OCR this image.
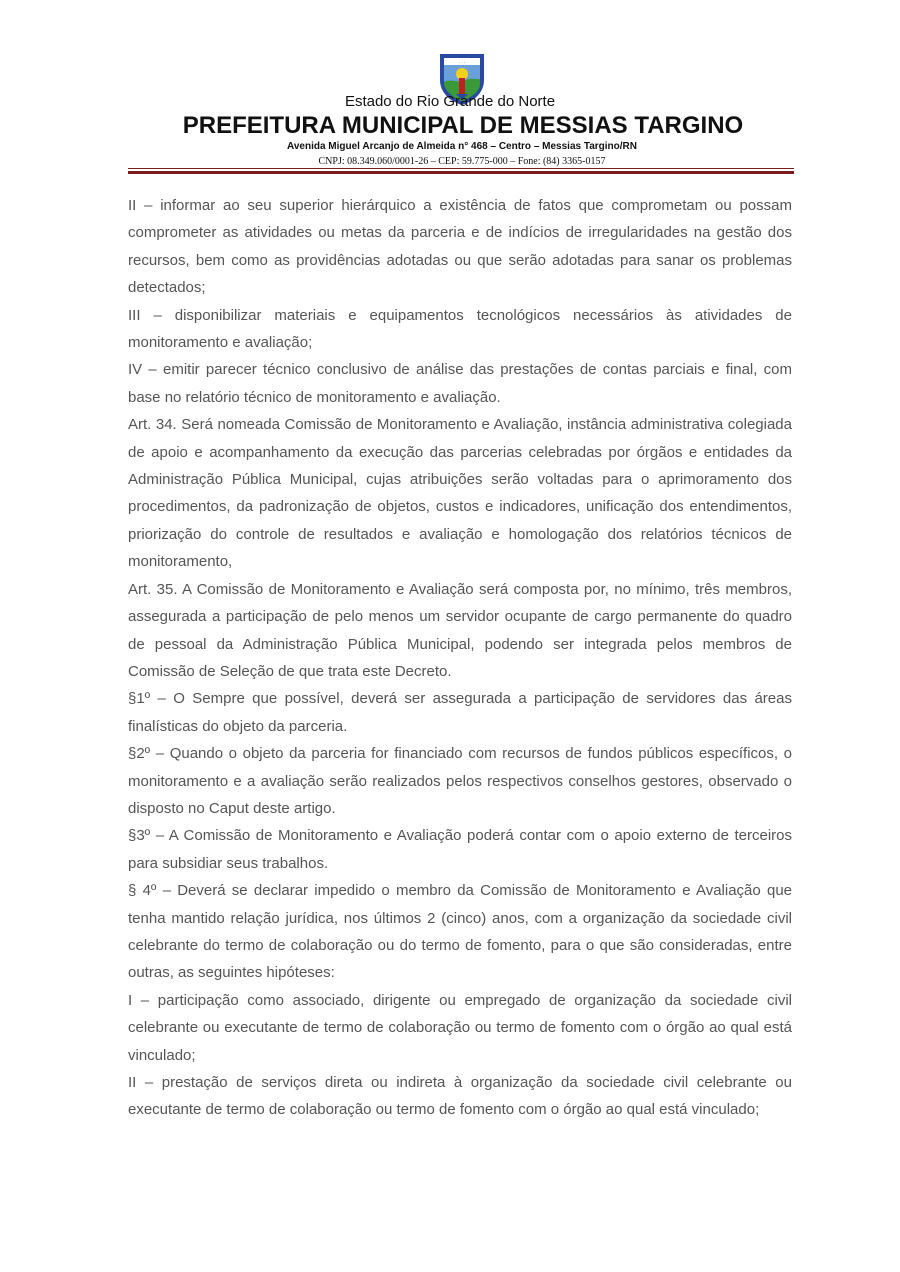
· · ·
Estado do Rio Grande do Norte
PREFEITURA MUNICIPAL DE MESSIAS TARGINO
Avenida Miguel Arcanjo de Almeida n° 468 – Centro – Messias Targino/RN
CNPJ: 08.349.060/0001-26 – CEP: 59.775-000 – Fone: (84) 3365-0157

II – informar ao seu superior hierárquico a existência de fatos que comprometam ou possam comprometer as atividades ou metas da parceria e de indícios de irregularidades na gestão dos recursos, bem como as providências adotadas ou que serão adotadas para sanar os problemas detectados;

III – disponibilizar materiais e equipamentos tecnológicos necessários às atividades de monitoramento e avaliação;

IV – emitir parecer técnico conclusivo de análise das prestações de contas parciais e final, com base no relatório técnico de monitoramento e avaliação.

Art. 34. Será nomeada Comissão de Monitoramento e Avaliação, instância administrativa colegiada de apoio e acompanhamento da execução das parcerias celebradas por órgãos e entidades da Administração Pública Municipal, cujas atribuições serão voltadas para o aprimoramento dos procedimentos, da padronização de objetos, custos e indicadores, unificação dos entendimentos, priorização do controle de resultados e avaliação e homologação dos relatórios técnicos de monitoramento,

Art. 35. A Comissão de Monitoramento e Avaliação será composta por, no mínimo, três membros, assegurada a participação de pelo menos um servidor ocupante de cargo permanente do quadro de pessoal da Administração Pública Municipal, podendo ser integrada pelos membros de Comissão de Seleção de que trata este Decreto.

§1º – O Sempre que possível, deverá ser assegurada a participação de servidores das áreas finalísticas do objeto da parceria.

§2º – Quando o objeto da parceria for financiado com recursos de fundos públicos específicos, o monitoramento e a avaliação serão realizados pelos respectivos conselhos gestores, observado o disposto no Caput deste artigo.

§3º – A Comissão de Monitoramento e Avaliação poderá contar com o apoio externo de terceiros para subsidiar seus trabalhos.

§ 4º – Deverá se declarar impedido o membro da Comissão de Monitoramento e Avaliação que tenha mantido relação jurídica, nos últimos 2 (cinco) anos, com a organização da sociedade civil celebrante do termo de colaboração ou do termo de fomento, para o que são consideradas, entre outras, as seguintes hipóteses:

I – participação como associado, dirigente ou empregado de organização da sociedade civil celebrante ou executante de termo de colaboração ou termo de fomento com o órgão ao qual está vinculado;

II – prestação de serviços direta ou indireta à organização da sociedade civil celebrante ou executante de termo de colaboração ou termo de fomento com o órgão ao qual está vinculado;
